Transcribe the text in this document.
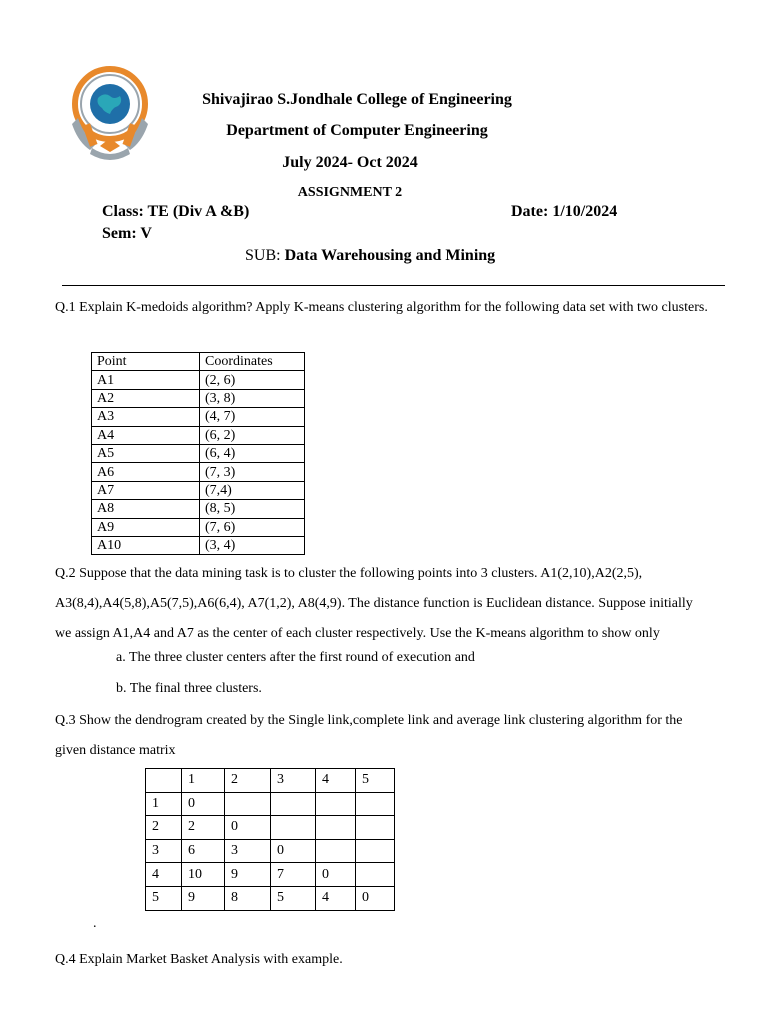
Shivajirao S.Jondhale College of Engineering
Department of Computer Engineering
July 2024- Oct 2024
ASSIGNMENT 2
Class: TE (Div A &B)	Date: 1/10/2024
Sem: V
SUB: Data Warehousing and Mining
Q.1 Explain K-medoids algorithm? Apply K-means clustering algorithm for the following data set with two clusters.
Point	Coordinates
A1	(2, 6)
A2	(3, 8)
A3	(4, 7)
A4	(6, 2)
A5	(6, 4)
A6	(7, 3)
A7	(7,4)
A8	(8, 5)
A9	(7, 6)
A10	(3, 4)
Q.2 Suppose that the data mining task is to cluster the following points into 3 clusters. A1(2,10),A2(2,5),
A3(8,4),A4(5,8),A5(7,5),A6(6,4), A7(1,2), A8(4,9). The distance function is Euclidean distance. Suppose initially
we assign A1,A4 and A7 as the center of each cluster respectively. Use the K-means algorithm to show only
a. The three cluster centers after the first round of execution and
b. The final three clusters.
Q.3 Show the dendrogram created by the Single link,complete link and average link clustering algorithm for the
given distance matrix
	1	2	3	4	5
1	0				
2	2	0			
3	6	3	0		
4	10	9	7	0	
5	9	8	5	4	0
.
Q.4 Explain Market Basket Analysis with example.
